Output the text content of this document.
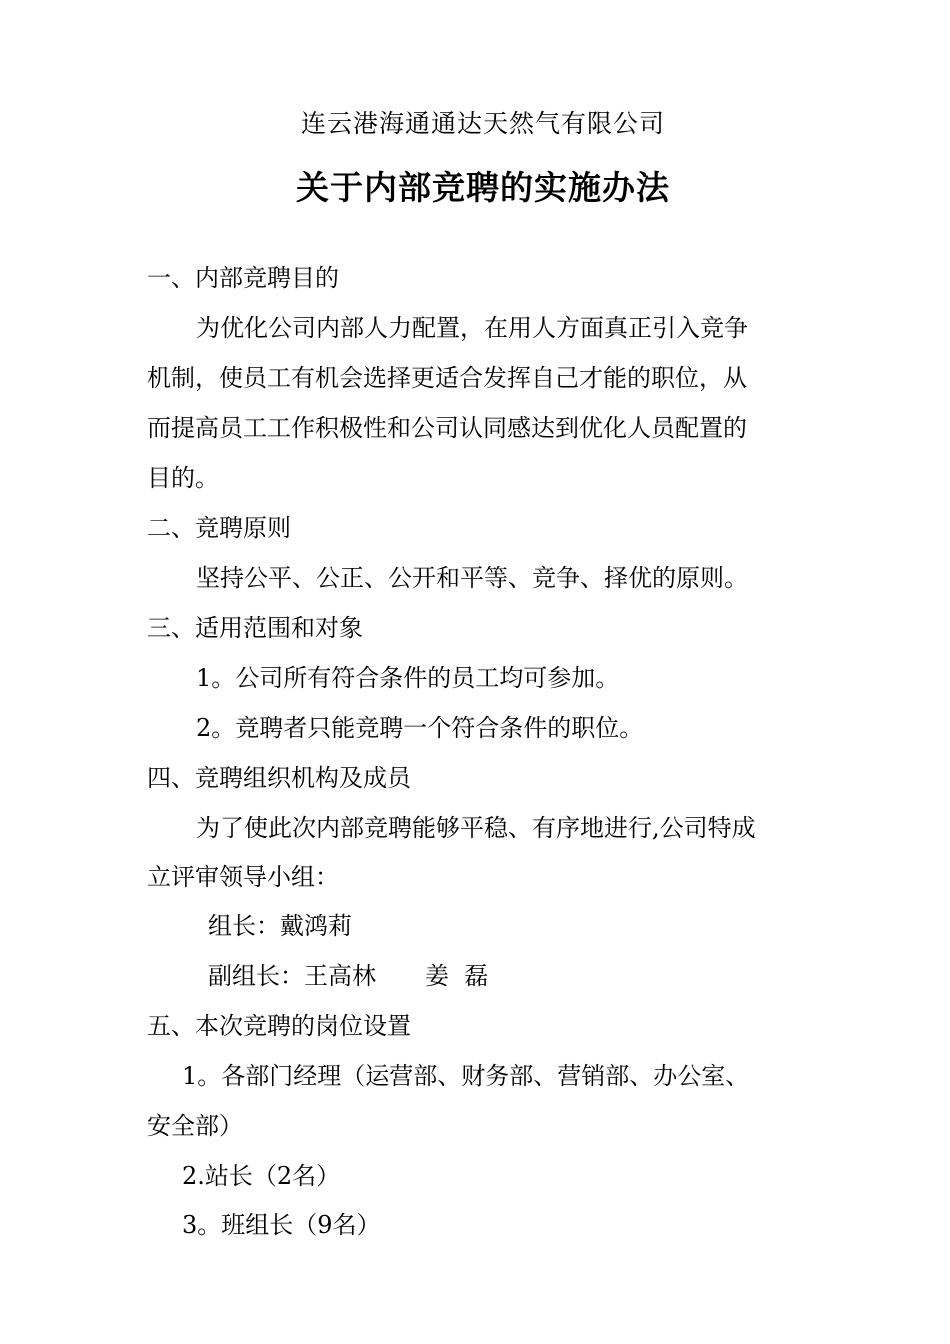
连云港海通通达天然气有限公司
关于内部竞聘的实施办法
一、内部竞聘目的
为优化公司内部人力配置，在用人方面真正引入竞争
机制，使员工有机会选择更适合发挥自己才能的职位，从
而提高员工工作积极性和公司认同感达到优化人员配置的
目的。
二、竞聘原则
坚持公平、公正、公开和平等、竞争、择优的原则。
三、适用范围和对象
1。公司所有符合条件的员工均可参加。
2。竞聘者只能竞聘一个符合条件的职位。
四、竞聘组织机构及成员
为了使此次内部竞聘能够平稳、有序地进行,公司特成
立评审领导小组：
组长：戴鸿莉
副组长：王高林 姜  磊
五、本次竞聘的岗位设置
1。各部门经理（运营部、财务部、营销部、办公室、
安全部）
2.站长（2名）
3。班组长（9名）
